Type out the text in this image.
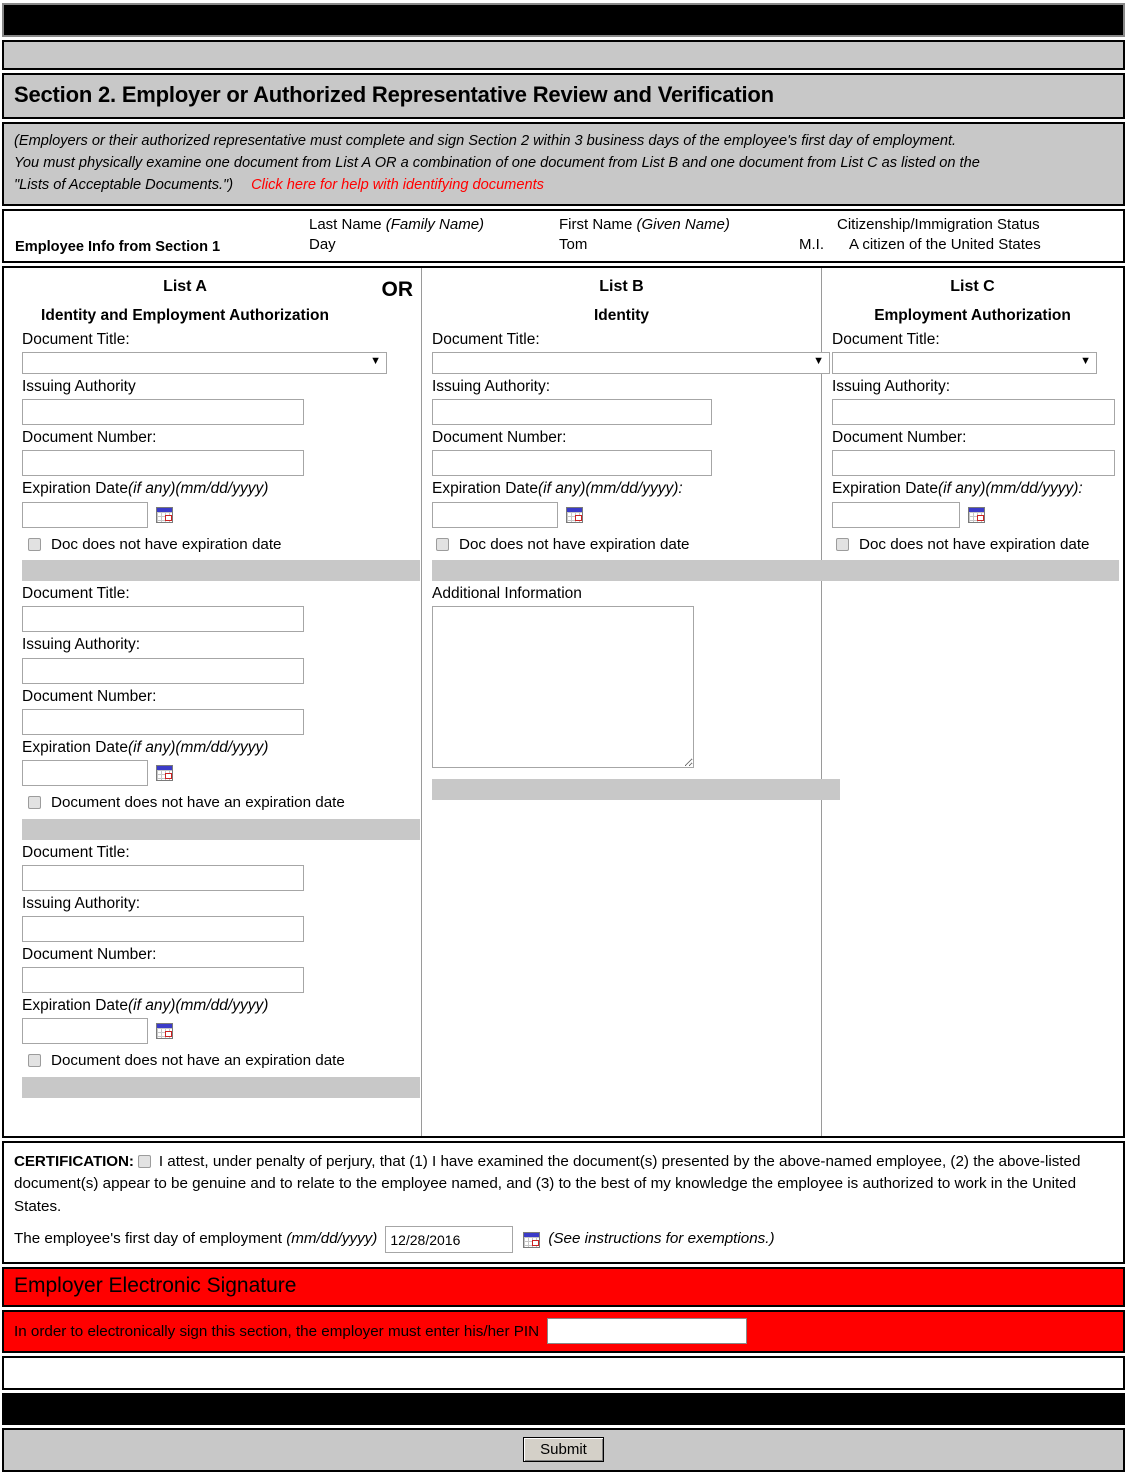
Section 2. Employer or Authorized Representative Review and Verification
(Employers or their authorized representative must complete and sign Section 2 within 3 business days of the employee's first day of employment.
You must physically examine one document from List A OR a combination of one document from List B and one document from List C as listed on the
"Lists of Acceptable Documents.") Click here for help with identifying documents
Employee Info from Section 1
Last Name (Family Name)
Day
First Name (Given Name)
Tom	M.I.
Citizenship/Immigration Status
A citizen of the United States
OR
List A
Identity and Employment Authorization
Document Title:
▼
Issuing Authority
Document Number:
Expiration Date(if any)(mm/dd/yyyy)
Doc does not have expiration date
Document Title:
Issuing Authority:
Document Number:
Expiration Date(if any)(mm/dd/yyyy)
Document does not have an expiration date
Document Title:
Issuing Authority:
Document Number:
Expiration Date(if any)(mm/dd/yyyy)
Document does not have an expiration date
List B
Identity
Document Title:
▼
Issuing Authority:
Document Number:
Expiration Date(if any)(mm/dd/yyyy):
Doc does not have expiration date
Additional Information
List C
Employment Authorization
Document Title:
▼
Issuing Authority:
Document Number:
Expiration Date(if any)(mm/dd/yyyy):
Doc does not have expiration date
CERTIFICATION: I attest, under penalty of perjury, that (1) I have examined the document(s) presented by the above-named employee, (2) the above-listed document(s) appear to be genuine and to relate to the employee named, and (3) to the best of my knowledge the employee is authorized to work in the United States.
The employee's first day of employment (mm/dd/yyyy)
12/28/2016	(See instructions for exemptions.)
Employer Electronic Signature
In order to electronically sign this section, the employer must enter his/her PIN
Submit
